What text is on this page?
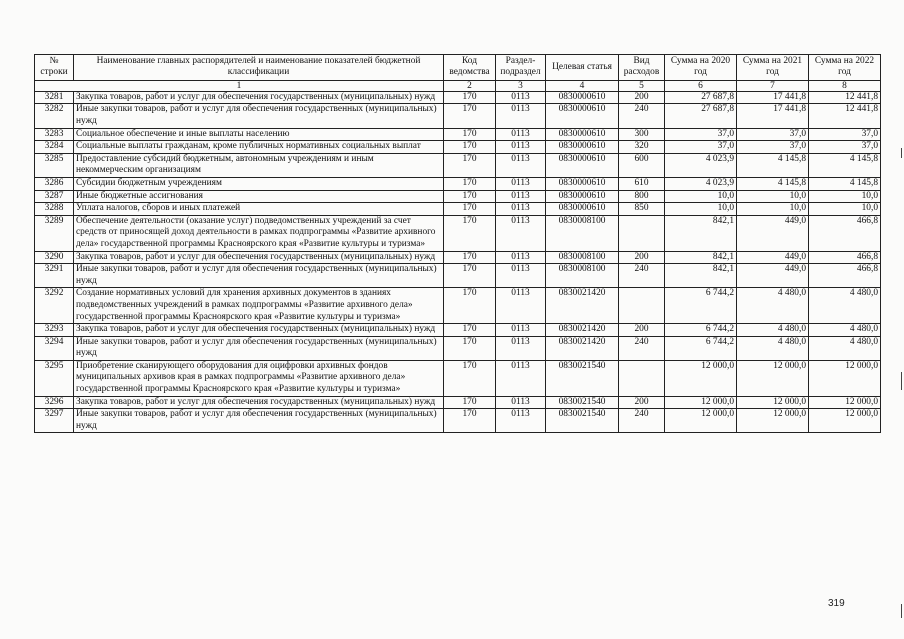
№ строки	Наименование главных распорядителей и наименование показателей бюджетной классификации	Код ведомства	Раздел-подраздел	Целевая статья	Вид расходов	Сумма на 2020 год	Сумма на 2021 год	Сумма на 2022 год
1		2	3	4	5	6	7	8
3281	Закупка товаров, работ и услуг для обеспечения государственных (муниципальных) нужд	170	0113	0830000610	200	27 687,8	17 441,8	12 441,8
3282	Иные закупки товаров, работ и услуг для обеспечения государственных (муниципальных) нужд	170	0113	0830000610	240	27 687,8	17 441,8	12 441,8
3283	Социальное обеспечение и иные выплаты населению	170	0113	0830000610	300	37,0	37,0	37,0
3284	Социальные выплаты гражданам, кроме публичных нормативных социальных выплат	170	0113	0830000610	320	37,0	37,0	37,0
3285	Предоставление субсидий бюджетным, автономным учреждениям и иным некоммерческим организациям	170	0113	0830000610	600	4 023,9	4 145,8	4 145,8
3286	Субсидии бюджетным учреждениям	170	0113	0830000610	610	4 023,9	4 145,8	4 145,8
3287	Иные бюджетные ассигнования	170	0113	0830000610	800	10,0	10,0	10,0
3288	Уплата налогов, сборов и иных платежей	170	0113	0830000610	850	10,0	10,0	10,0
3289	Обеспечение деятельности (оказание услуг) подведомственных учреждений за счет средств от приносящей доход деятельности в рамках подпрограммы «Развитие архивного дела» государственной программы Красноярского края «Развитие культуры и туризма»	170	0113	0830008100		842,1	449,0	466,8
3290	Закупка товаров, работ и услуг для обеспечения государственных (муниципальных) нужд	170	0113	0830008100	200	842,1	449,0	466,8
3291	Иные закупки товаров, работ и услуг для обеспечения государственных (муниципальных) нужд	170	0113	0830008100	240	842,1	449,0	466,8
3292	Создание нормативных условий для хранения архивных документов в зданиях подведомственных учреждений в рамках подпрограммы «Развитие архивного дела» государственной программы Красноярского края «Развитие культуры и туризма»	170	0113	0830021420		6 744,2	4 480,0	4 480,0
3293	Закупка товаров, работ и услуг для обеспечения государственных (муниципальных) нужд	170	0113	0830021420	200	6 744,2	4 480,0	4 480,0
3294	Иные закупки товаров, работ и услуг для обеспечения государственных (муниципальных) нужд	170	0113	0830021420	240	6 744,2	4 480,0	4 480,0
3295	Приобретение сканирующего оборудования для оцифровки архивных фондов муниципальных архивов края в рамках подпрограммы «Развитие архивного дела» государственной программы Красноярского края «Развитие культуры и туризма»	170	0113	0830021540		12 000,0	12 000,0	12 000,0
3296	Закупка товаров, работ и услуг для обеспечения государственных (муниципальных) нужд	170	0113	0830021540	200	12 000,0	12 000,0	12 000,0
3297	Иные закупки товаров, работ и услуг для обеспечения государственных (муниципальных) нужд	170	0113	0830021540	240	12 000,0	12 000,0	12 000,0
319
